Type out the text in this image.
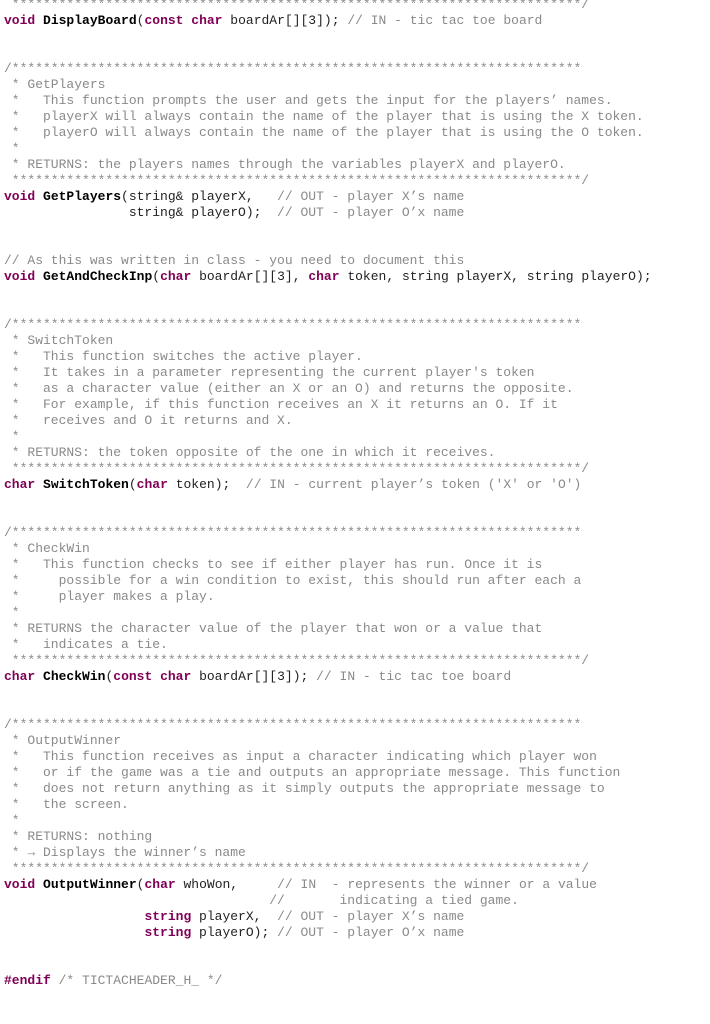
*************************************************************************/
void DisplayBoard(const char boardAr[][3]); // IN - tic tac toe board

/*************************************************************************
* GetPlayers
*   This function prompts the user and gets the input for the players’ names.
*   playerX will always contain the name of the player that is using the X token.
*   playerO will always contain the name of the player that is using the O token.
*
* RETURNS: the players names through the variables playerX and playerO.
*************************************************************************/
void GetPlayers(string& playerX,   // OUT - player X’s name
string& playerO);  // OUT - player O’x name

// As this was written in class - you need to document this
void GetAndCheckInp(char boardAr[][3], char token, string playerX, string playerO);

/*************************************************************************
* SwitchToken
*   This function switches the active player.
*   It takes in a parameter representing the current player's token
*   as a character value (either an X or an O) and returns the opposite.
*   For example, if this function receives an X it returns an O. If it
*   receives and O it returns and X.
*
* RETURNS: the token opposite of the one in which it receives.
*************************************************************************/
char SwitchToken(char token);  // IN - current player’s token ('X' or 'O')

/*************************************************************************
* CheckWin
*   This function checks to see if either player has run. Once it is
*     possible for a win condition to exist, this should run after each a
*     player makes a play.
*
* RETURNS the character value of the player that won or a value that
*   indicates a tie.
*************************************************************************/
char CheckWin(const char boardAr[][3]); // IN - tic tac toe board

/*************************************************************************
* OutputWinner
*   This function receives as input a character indicating which player won
*   or if the game was a tie and outputs an appropriate message. This function
*   does not return anything as it simply outputs the appropriate message to
*   the screen.
*
* RETURNS: nothing
* → Displays the winner’s name
*************************************************************************/
void OutputWinner(char whoWon,     // IN  - represents the winner or a value
//       indicating a tied game.
string playerX,  // OUT - player X’s name
string playerO); // OUT - player O’x name

#endif /* TICTACHEADER_H_ */
